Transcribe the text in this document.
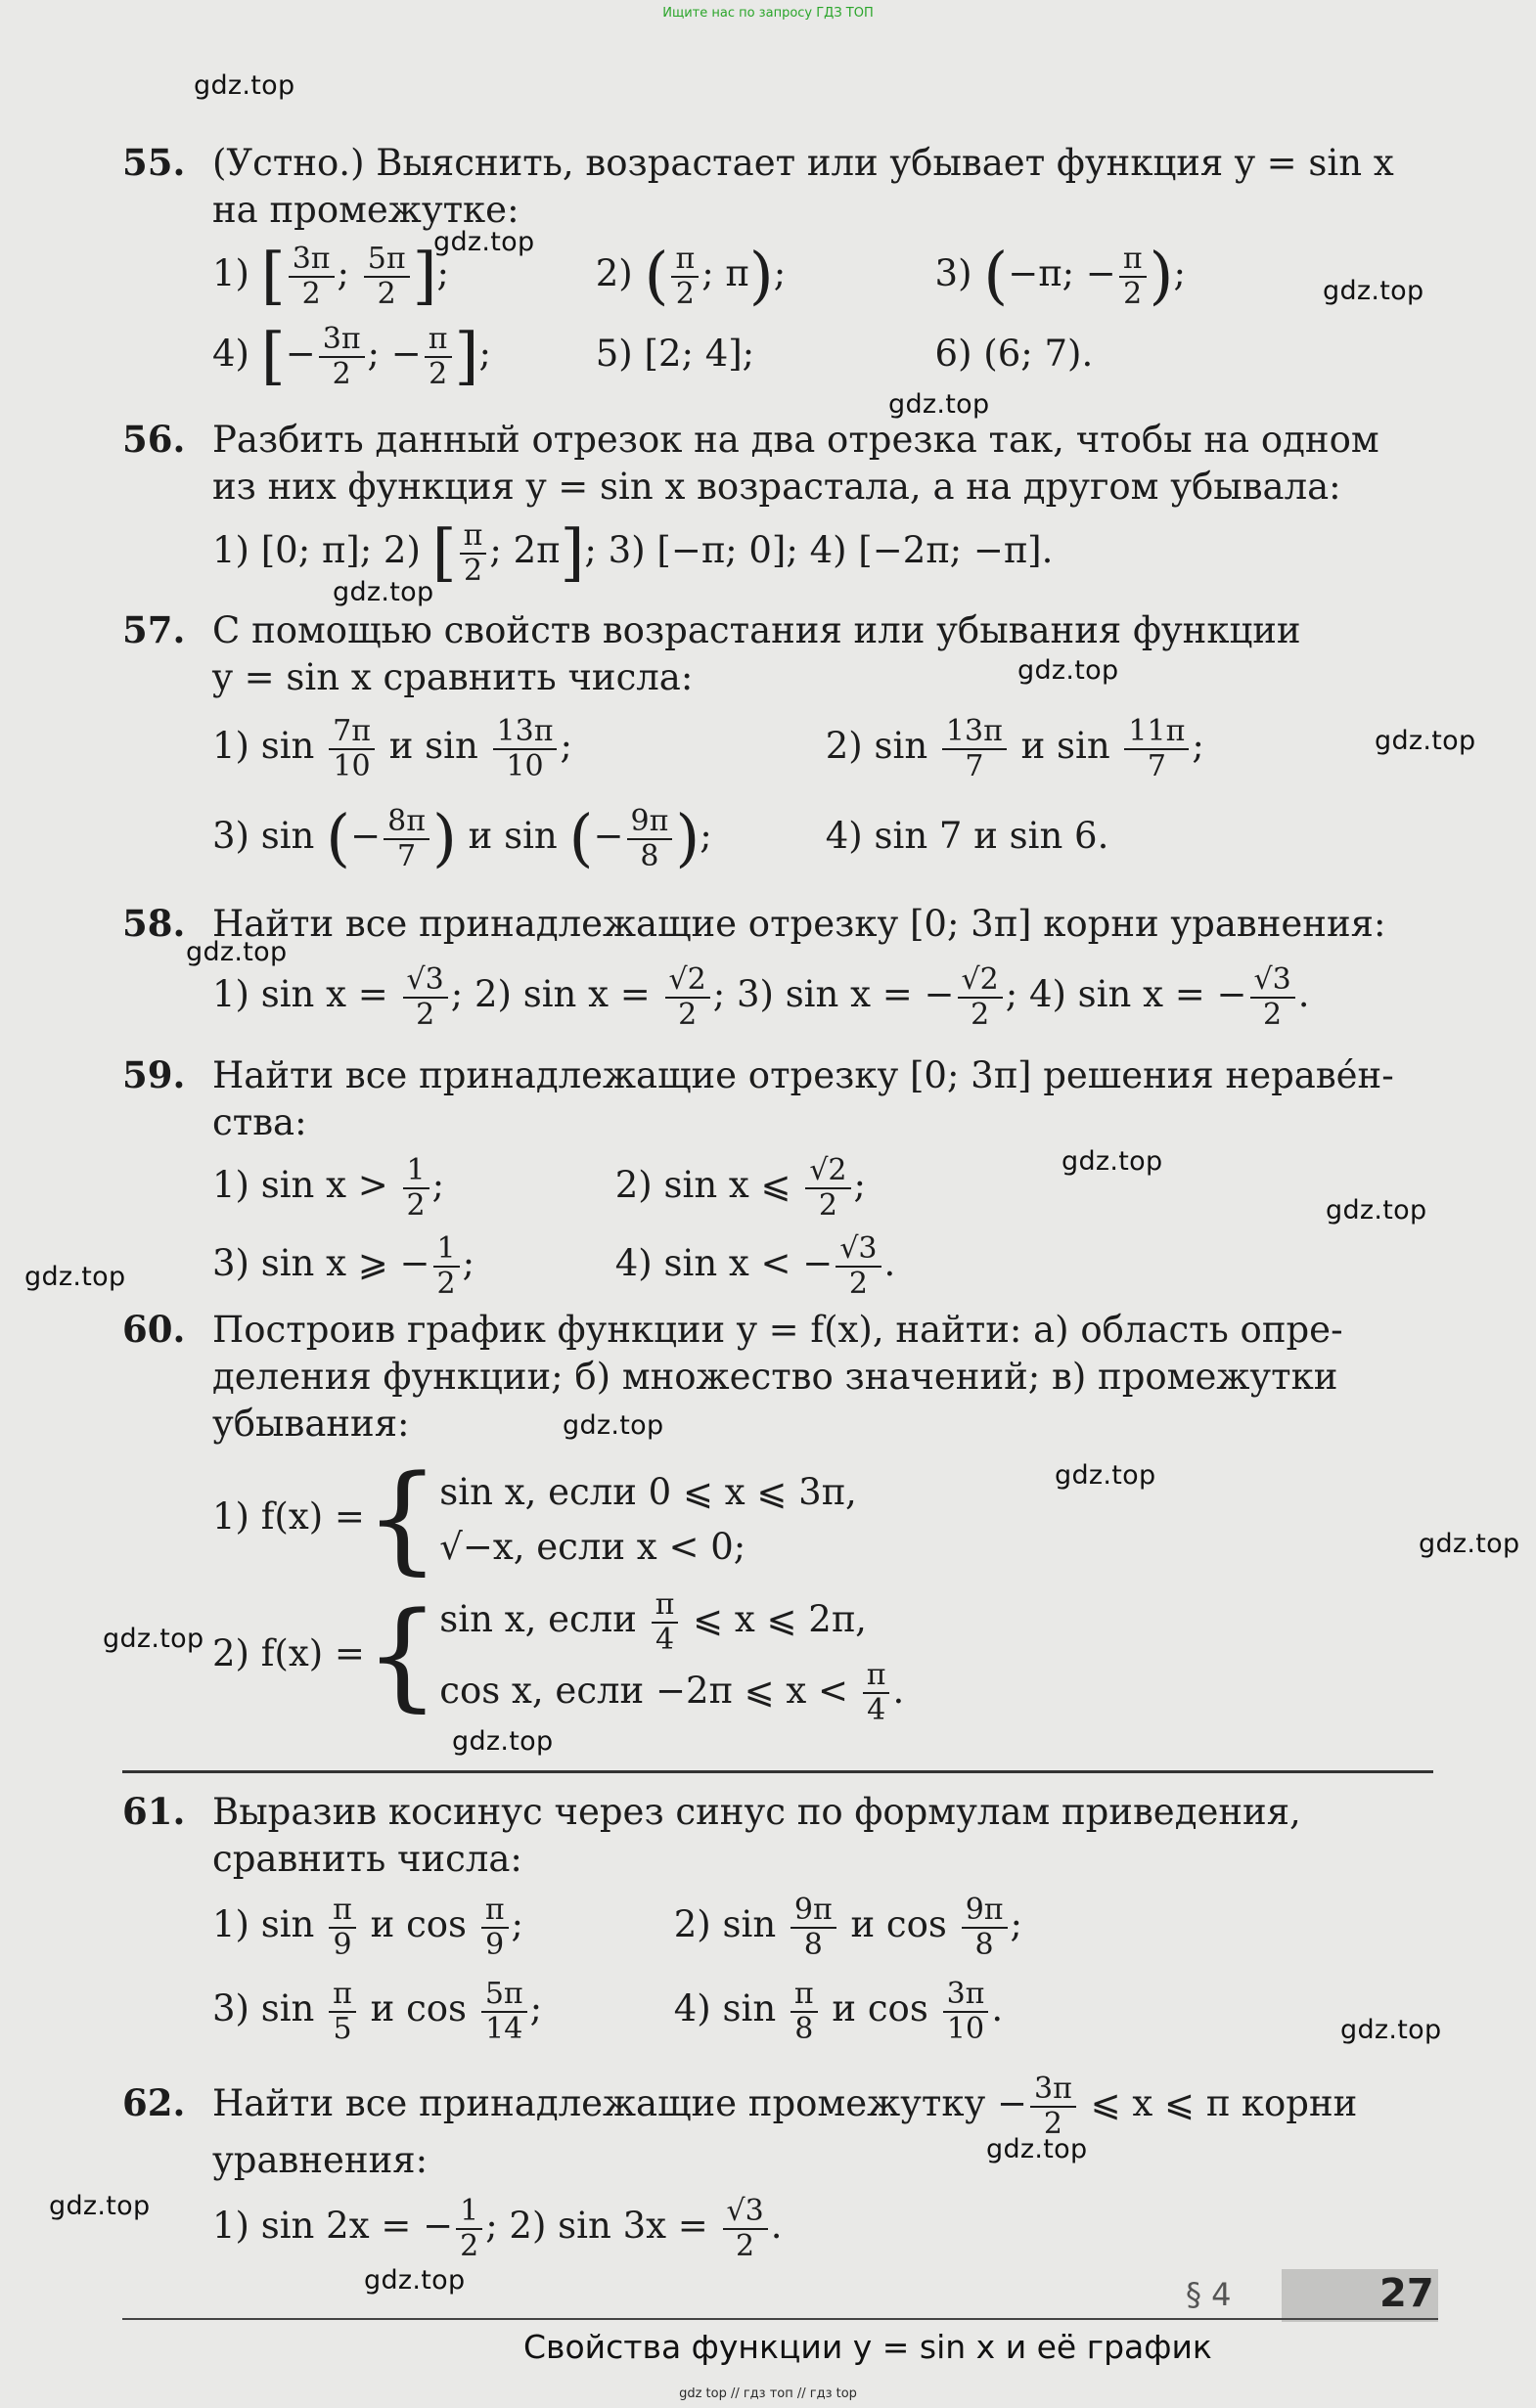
Ищите нас по запросу ГДЗ ТОП
gdz.top
gdz.top
gdz.top
gdz.top
gdz.top
gdz.top
gdz.top
gdz.top
gdz.top
gdz.top
gdz.top
gdz.top
gdz.top
gdz.top
gdz.top
gdz.top
gdz.top
gdz.top
gdz.top
gdz.top
55. (Устно.) Выяснить, возрастает или убывает функция y = sin x
на промежутке:
1) [ $\frac{3\pi}{2}$ ; $\frac{5\pi}{2}$ ];	2) ( $\frac{\pi}{2}$ ; π);	3) (−π; − $\frac{\pi}{2}$ );
4) [− $\frac{3\pi}{2}$ ; − $\frac{\pi}{2}$ ];	5) [2; 4];	6) (6; 7).
56. Разбить данный отрезок на два отрезка так, чтобы на одном
из них функция y = sin x возрастала, а на другом убывала:
1) [0; π]; 2) [ $\frac{\pi}{2}$ ; 2π]; 3) [−π; 0]; 4) [−2π; −π].
57. С помощью свойств возрастания или убывания функции
y = sin x сравнить числа:
1) $\sin \frac{7\pi}{10}$ и $\sin \frac{13\pi}{10}$ ;	2) $\sin \frac{13\pi}{7}$ и $\sin \frac{11\pi}{7}$ ;
3) sin (− $\frac{8\pi}{7}$ ) и sin (− $\frac{9\pi}{8}$ );	4) sin 7 и sin 6.
58. Найти все принадлежащие отрезку [0; 3π] корни уравнения:
1) $\sin x = \frac{√3}{2}$ ; 2) $\sin x = \frac{√2}{2}$ ; 3) sin x = − $\frac{√2}{2}$ ; 4) sin x = − $\frac{√3}{2}$ .
59. Найти все принадлежащие отрезку [0; 3π] решения нераве́н-
ства:
1) $\sin x > \frac{1}{2}$ ;	2) sin x ⩽ $\frac{√2}{2}$ ;
3) sin x ⩾ − $\frac{1}{2}$ ;	4) sin x < − $\frac{√3}{2}$ .
60. Построив график функции y = f(x), найти: а) область опре-
деления функции; б) множество значений; в) промежутки
убывания:
1) f(x) ={ sin x, если 0 ⩽ x ⩽ 3π,
√−x, если x < 0;
2) f(x) ={ sin x, если $\frac{\pi}{4}$ ⩽ x ⩽ 2π,
cos x, если −2π ⩽ $x < \frac{\pi}{4}$ .
61. Выразив косинус через синус по формулам приведения,
сравнить числа:
1) $\sin \frac{\pi}{9}$ и $\cos \frac{\pi}{9}$ ;	2) $\sin \frac{9\pi}{8}$ и $\cos \frac{9\pi}{8}$ ;
3) $\sin \frac{\pi}{5}$ и $\cos \frac{5\pi}{14}$ ;	4) $\sin \frac{\pi}{8}$ и $\cos \frac{3\pi}{10}$ .
62. Найти все принадлежащие промежутку − $\frac{3\pi}{2}$ ⩽ x ⩽ π корни
уравнения:
1) sin 2x = − $\frac{1}{2}$ ; 2) $\sin 3x = \frac{√3}{2}$ .
§ 4	27
Свойства функции y = sin x и её график
gdz top // гдз топ // гдз top
